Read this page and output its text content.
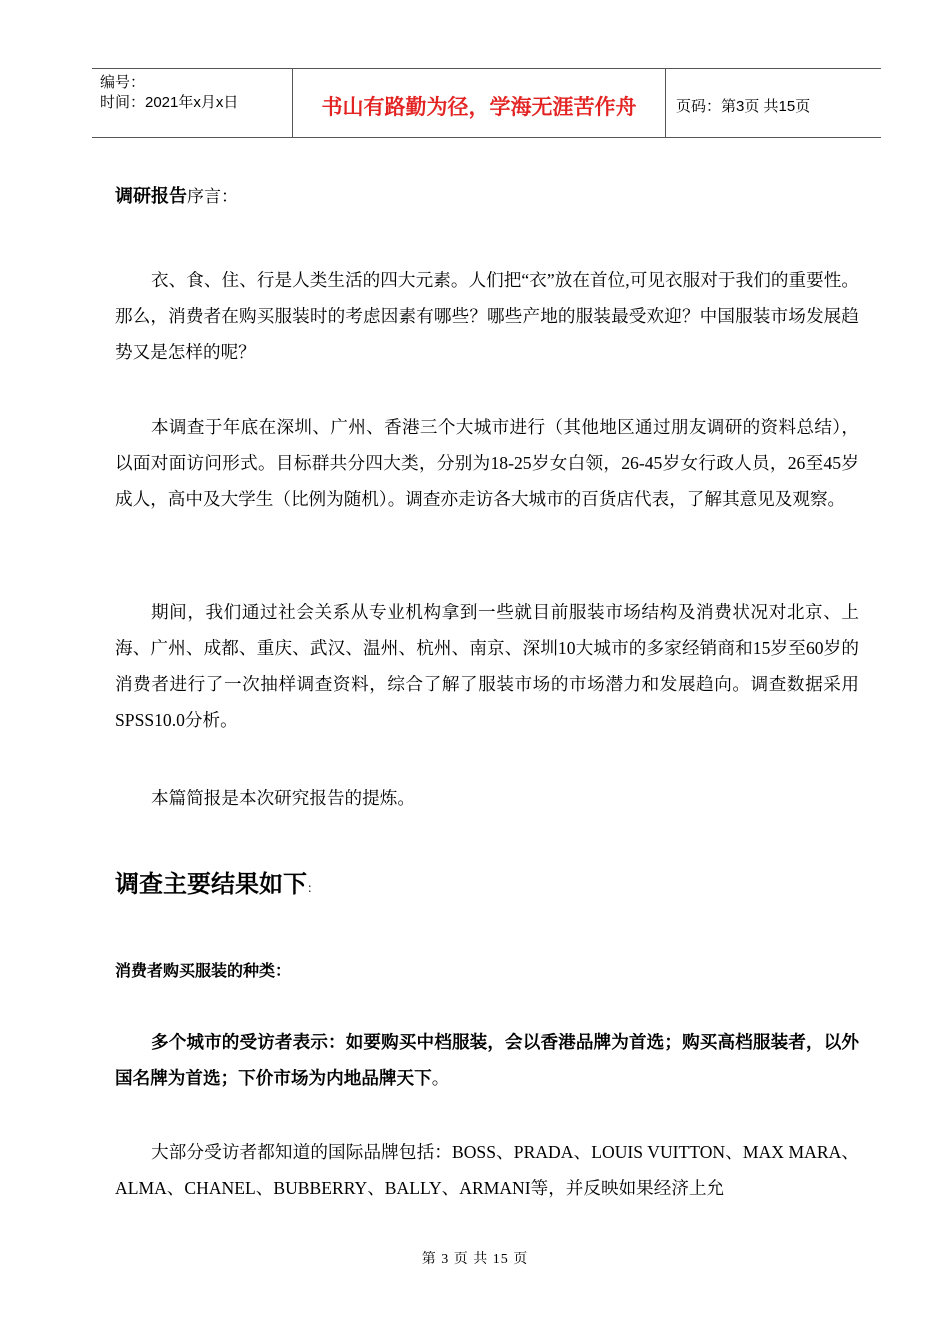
编号：
时间：2021年x月x日	书山有路勤为径，学海无涯苦作舟	页码：第3页 共15页
调研报告序言：

衣、食、住、行是人类生活的四大元素。人们把“衣”放在首位,可见衣服对于我们的重要性。那么，消费者在购买服装时的考虑因素有哪些？哪些产地的服装最受欢迎？中国服装市场发展趋势又是怎样的呢？

本调查于年底在深圳、广州、香港三个大城市进行（其他地区通过朋友调研的资料总结），以面对面访问形式。目标群共分四大类，分别为18-25岁女白领，26-45岁女行政人员，26至45岁成人，高中及大学生（比例为随机）。调查亦走访各大城市的百货店代表，了解其意见及观察。

期间，我们通过社会关系从专业机构拿到一些就目前服装市场结构及消费状况对北京、上海、广州、成都、重庆、武汉、温州、杭州、南京、深圳10大城市的多家经销商和15岁至60岁的消费者进行了一次抽样调查资料，综合了解了服装市场的市场潜力和发展趋向。调查数据采用SPSS10.0分析。

本篇简报是本次研究报告的提炼。

调查主要结果如下：
消费者购买服装的种类：

多个城市的受访者表示：如要购买中档服装，会以香港品牌为首选；购买高档服装者，以外国名牌为首选；下价市场为内地品牌天下。

大部分受访者都知道的国际品牌包括：BOSS、PRADA、LOUIS VUITTON、MAX MARA、ALMA、CHANEL、BUBBERRY、BALLY、ARMANI等，并反映如果经济上允

第 3 页 共 15 页
